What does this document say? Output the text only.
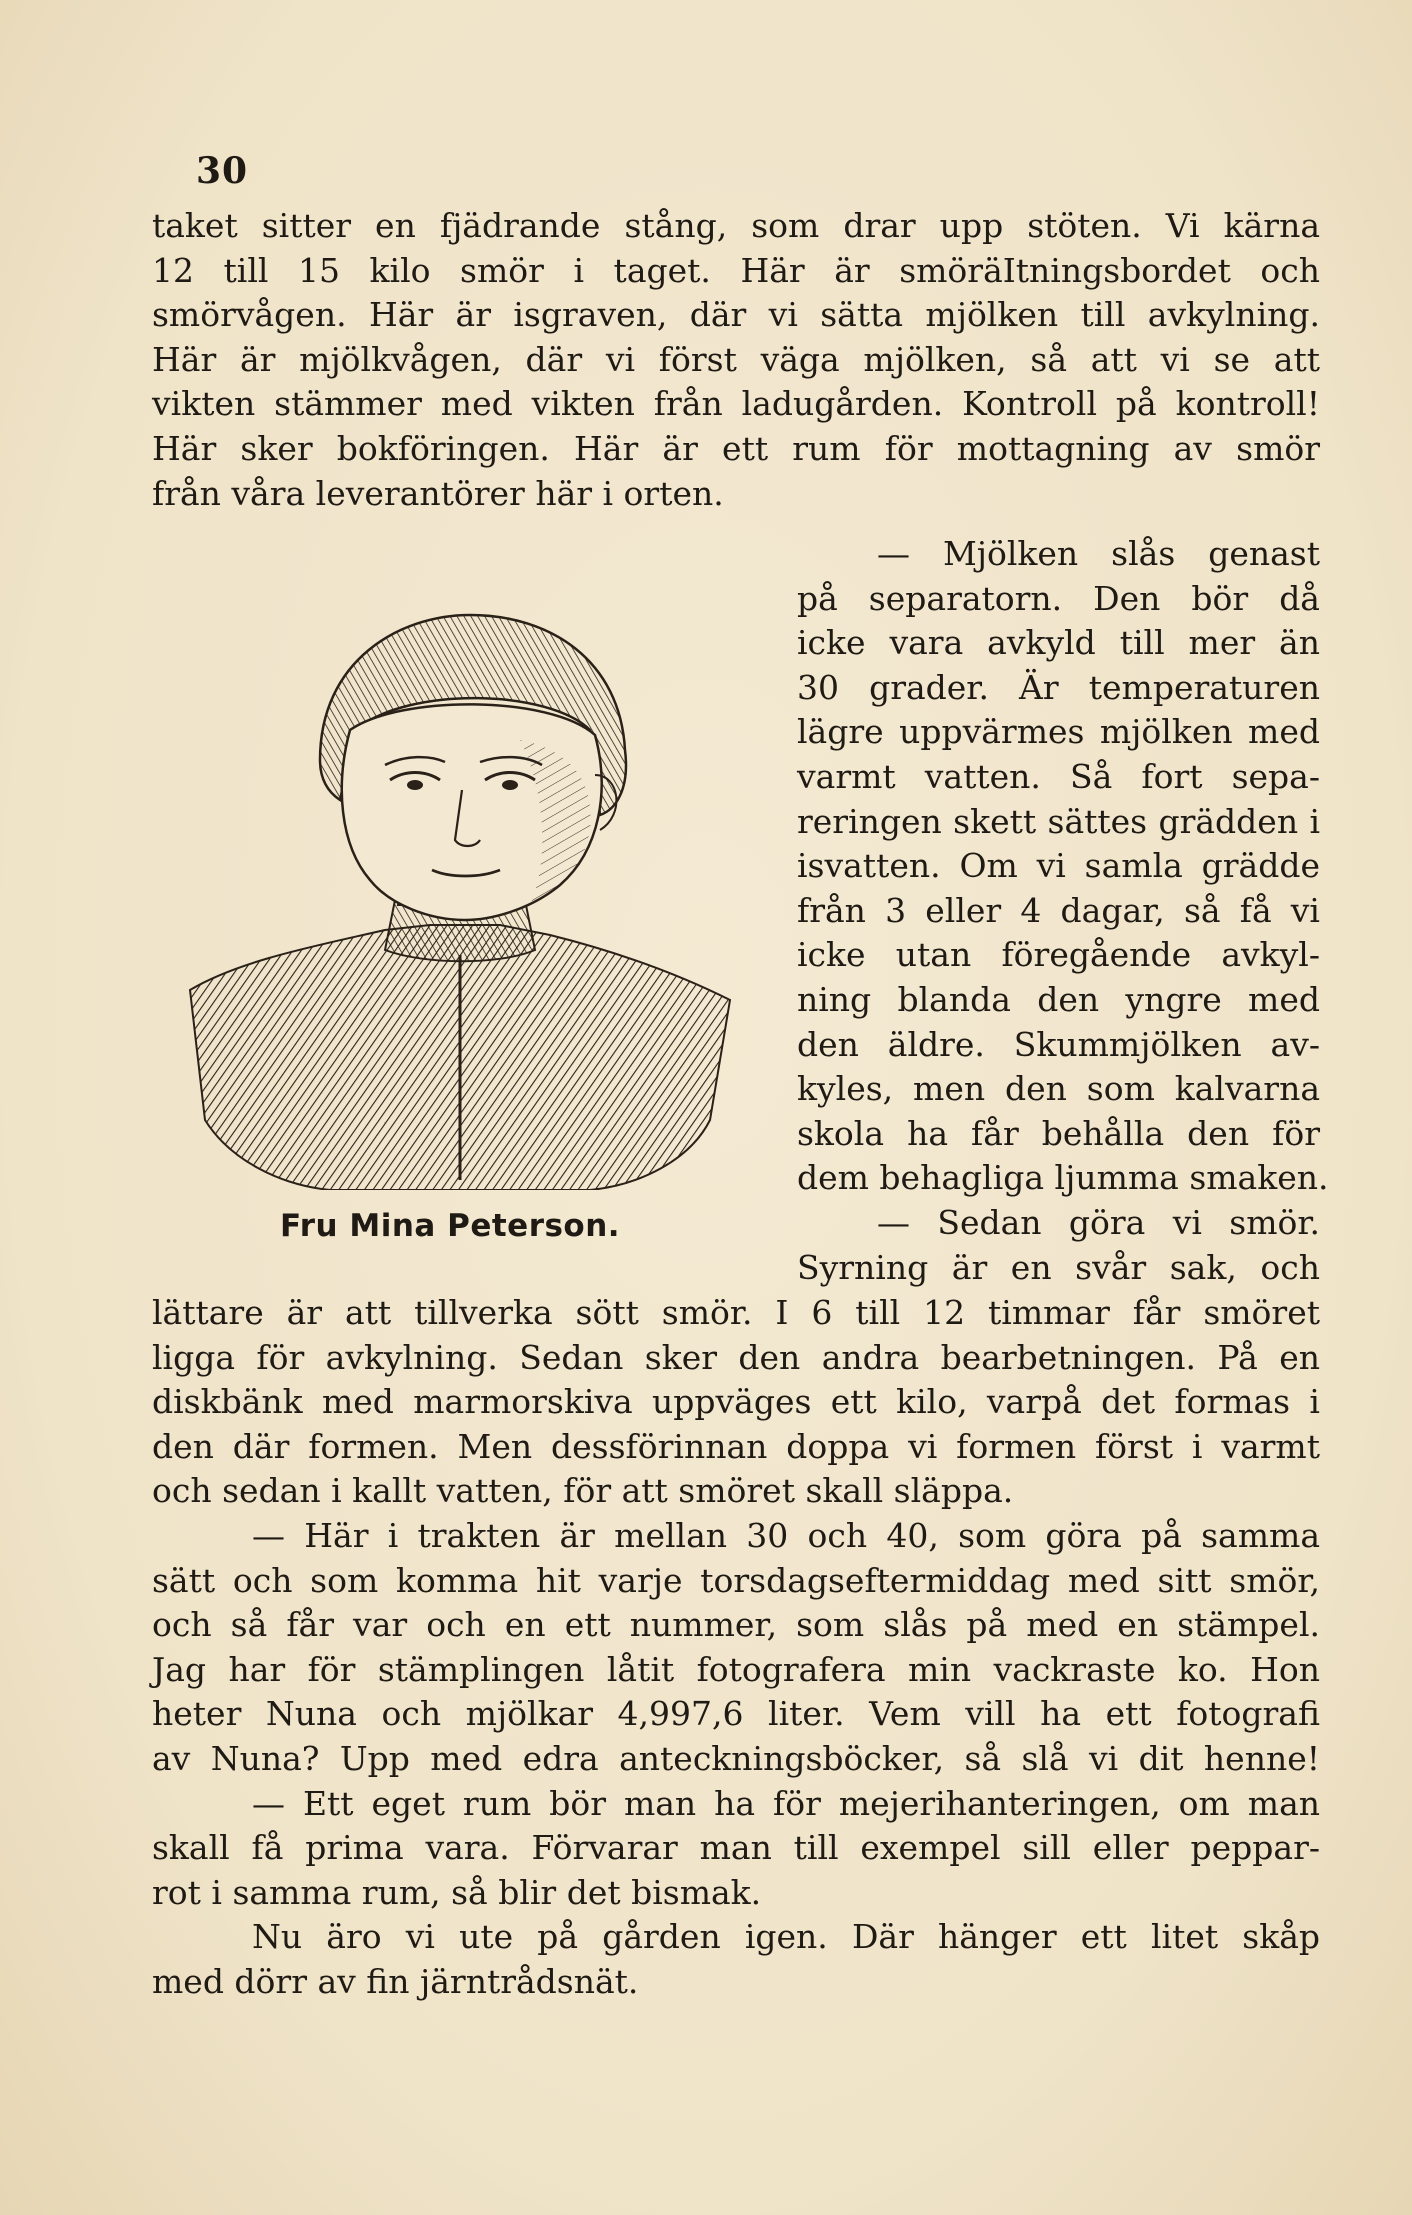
30
taket sitter en fjädrande stång, som drar upp stöten. Vi kärna
12 till 15 kilo smör i taget. Här är smöräItningsbordet och
smörvågen. Här är isgraven, där vi sätta mjölken till avkylning.
Här är mjölkvågen, där vi först väga mjölken, så att vi se att
vikten stämmer med vikten från ladugården. Kontroll på kontroll!
Här sker bokföringen. Här är ett rum för mottagning av smör
från våra leverantörer här i orten.
Fru Mina Peterson.
— Mjölken slås genast
på separatorn. Den bör då
icke vara avkyld till mer än
30 grader. Är temperaturen
lägre uppvärmes mjölken med
varmt vatten. Så fort sepa-
reringen skett sättes grädden i
isvatten. Om vi samla grädde
från 3 eller 4 dagar, så få vi
icke utan föregående avkyl-
ning blanda den yngre med
den äldre. Skummjölken av-
kyles, men den som kalvarna
skola ha får behålla den för
dem behagliga ljumma smaken.
— Sedan göra vi smör.
Syrning är en svår sak, och
lättare är att tillverka sött smör. I 6 till 12 timmar får smöret
ligga för avkylning. Sedan sker den andra bearbetningen. På en
diskbänk med marmorskiva uppväges ett kilo, varpå det formas i
den där formen. Men dessförinnan doppa vi formen först i varmt
och sedan i kallt vatten, för att smöret skall släppa.
— Här i trakten är mellan 30 och 40, som göra på samma
sätt och som komma hit varje torsdagseftermiddag med sitt smör,
och så får var och en ett nummer, som slås på med en stämpel.
Jag har för stämplingen låtit fotografera min vackraste ko. Hon
heter Nuna och mjölkar 4,997,6 liter. Vem vill ha ett fotografi
av Nuna? Upp med edra anteckningsböcker, så slå vi dit henne!
— Ett eget rum bör man ha för mejerihanteringen, om man
skall få prima vara. Förvarar man till exempel sill eller peppar-
rot i samma rum, så blir det bismak.
Nu äro vi ute på gården igen. Där hänger ett litet skåp
med dörr av fin järntrådsnät.
